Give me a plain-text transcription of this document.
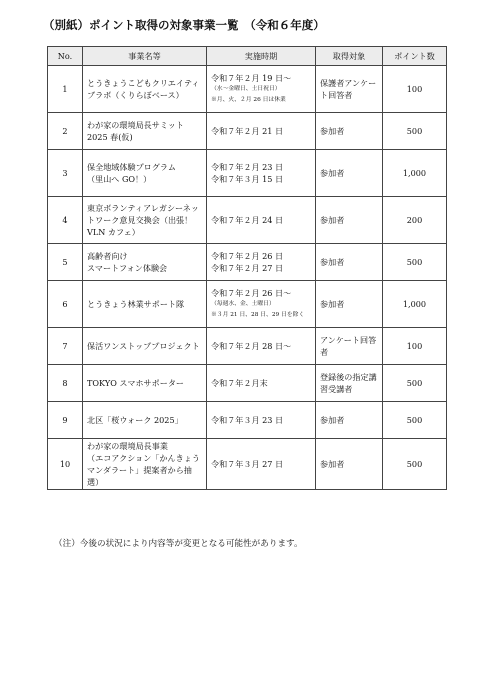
（別紙）ポイント取得の対象事業一覧　（令和６年度）
No.	事業名等	実施時期	取得対象	ポイント数
1	とうきょうこどもクリエイティブラボ（くりらぼベース）	令和７年２月 19 日～
（水～金曜日、土日祝日）
※月、火、２月 26 日は休業	保護者アンケート回答者	100
2	わが家の環境局長サミット
2025 春(仮)	令和７年２月 21 日	参加者	500
3	保全地域体験プログラム
（里山へ GO！）	令和７年２月 23 日
令和７年３月 15 日	参加者	1,000
4	東京ボランティアレガシーネットワーク意見交換会（出張！VLN カフェ）	令和７年２月 24 日	参加者	200
5	高齢者向け
スマートフォン体験会	令和７年２月 26 日
令和７年２月 27 日	参加者	500
6	とうきょう林業サポート隊	令和７年２月 26 日～
（毎週水、金、土曜日）
※３月 21 日、28 日、29 日を除く	参加者	1,000
7	保活ワンストッププロジェクト	令和７年２月 28 日～	アンケート回答者	100
8	TOKYO スマホサポーター	令和７年２月末	登録後の指定講習受講者	500
9	北区「桜ウォーク 2025」	令和７年３月 23 日	参加者	500
10	わが家の環境局長事業
（エコアクション「かんきょうマンダラート」提案者から抽選）	令和７年３月 27 日	参加者	500
（注）今後の状況により内容等が変更となる可能性があります。
